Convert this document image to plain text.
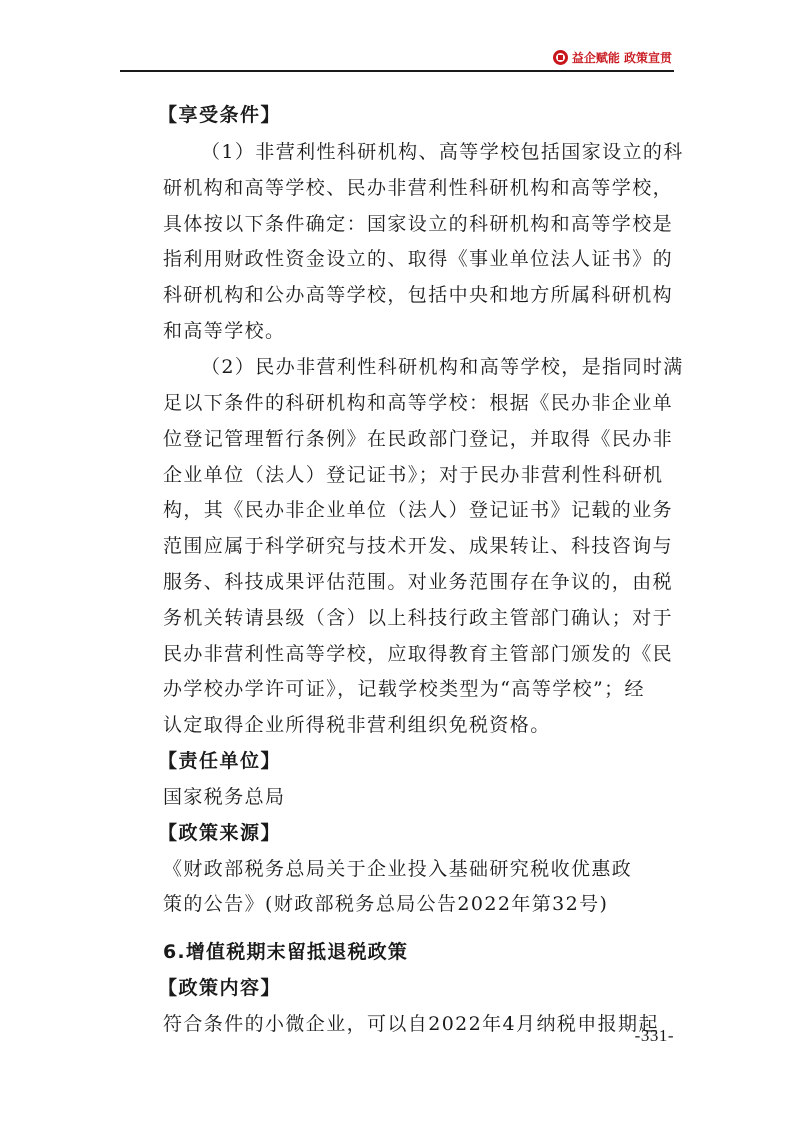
益企赋能 政策宣贯
【享受条件】
（1）非营利性科研机构、高等学校包括国家设立的科
研机构和高等学校、民办非营利性科研机构和高等学校，
具体按以下条件确定：国家设立的科研机构和高等学校是
指利用财政性资金设立的、取得《事业单位法人证书》的
科研机构和公办高等学校，包括中央和地方所属科研机构
和高等学校。
（2）民办非营利性科研机构和高等学校，是指同时满
足以下条件的科研机构和高等学校：根据《民办非企业单
位登记管理暂行条例》在民政部门登记，并取得《民办非
企业单位（法人）登记证书》；对于民办非营利性科研机
构，其《民办非企业单位（法人）登记证书》记载的业务
范围应属于科学研究与技术开发、成果转让、科技咨询与
服务、科技成果评估范围。对业务范围存在争议的，由税
务机关转请县级（含）以上科技行政主管部门确认；对于
民办非营利性高等学校，应取得教育主管部门颁发的《民
办学校办学许可证》，记载学校类型为“高等学校”；经
认定取得企业所得税非营利组织免税资格。
【责任单位】
国家税务总局
【政策来源】
《财政部税务总局关于企业投入基础研究税收优惠政
策的公告》(财政部税务总局公告2022年第32号)
6.增值税期末留抵退税政策
【政策内容】
符合条件的小微企业，可以自2022年4月纳税申报期起
-331-
